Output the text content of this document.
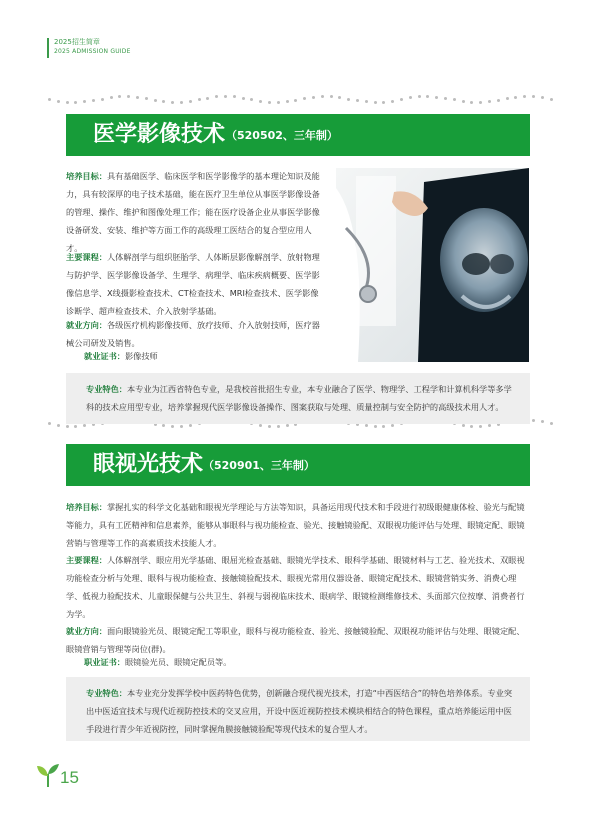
2025招生简章
2025 ADMISSION GUIDE
医学影像技术 （520502、三年制）
培养目标：具有基础医学、临床医学和医学影像学的基本理论知识及能力，具有较深厚的电子技术基础，能在医疗卫生单位从事医学影像设备的管理、操作、维护和图像处理工作；能在医疗设备企业从事医学影像设备研发、安装、维护等方面工作的高级理工医结合的复合型应用人才。
主要课程：人体解剖学与组织胚胎学、人体断层影像解剖学、放射物理与防护学、医学影像设备学、生理学、病理学、临床疾病概要、医学影像信息学、X线摄影检查技术、CT检查技术、MRI检查技术、医学影像诊断学、超声检查技术、介入放射学基础。
就业方向：各级医疗机构影像技师、放疗技师、介入放射技师，医疗器械公司研发及销售。
就业证书：影像技师
专业特色：本专业为江西省特色专业，是我校首批招生专业，本专业融合了医学、物理学、工程学和计算机科学等多学科的技术应用型专业，培养掌握现代医学影像设备操作、图案获取与处理、质量控制与安全防护的高级技术用人才。
眼视光技术 （520901、三年制）
培养目标：掌握扎实的科学文化基础和眼视光学理论与方法等知识，具备运用现代技术和手段进行初级眼健康体检、验光与配镜等能力，具有工匠精神和信息素养，能够从事眼科与视功能检查、验光、接触镜验配、双眼视功能评估与处理、眼镜定配、眼镜营销与管理等工作的高素质技术技能人才。
主要课程：人体解剖学、眼应用光学基础、眼屈光检查基础、眼镜光学技术、眼科学基础、眼镜材料与工艺、验光技术、双眼视功能检查分析与处理、眼科与视功能检查、接触镜验配技术、眼视光常用仪器设备、眼镜定配技术、眼镜营销实务、消费心理学、低视力验配技术、儿童眼保健与公共卫生、斜视与弱视临床技术、眼病学、眼镜检测维修技术、头面部穴位按摩、消费者行为学。
就业方向：面向眼镜验光员、眼镜定配工等职业，眼科与视功能检查、验光、接触镜验配、双眼视功能评估与处理、眼镜定配、眼镜营销与管理等岗位(群)。
职业证书：眼镜验光员、眼镜定配员等。
专业特色：本专业充分发挥学校中医药特色优势，创新融合现代视光技术，打造“中西医结合”的特色培养体系。专业突出中医适宜技术与现代近视防控技术的交叉应用，开设中医近视防控技术模块相结合的特色课程，重点培养能运用中医手段进行青少年近视防控，同时掌握角膜接触镜验配等现代技术的复合型人才。
15
